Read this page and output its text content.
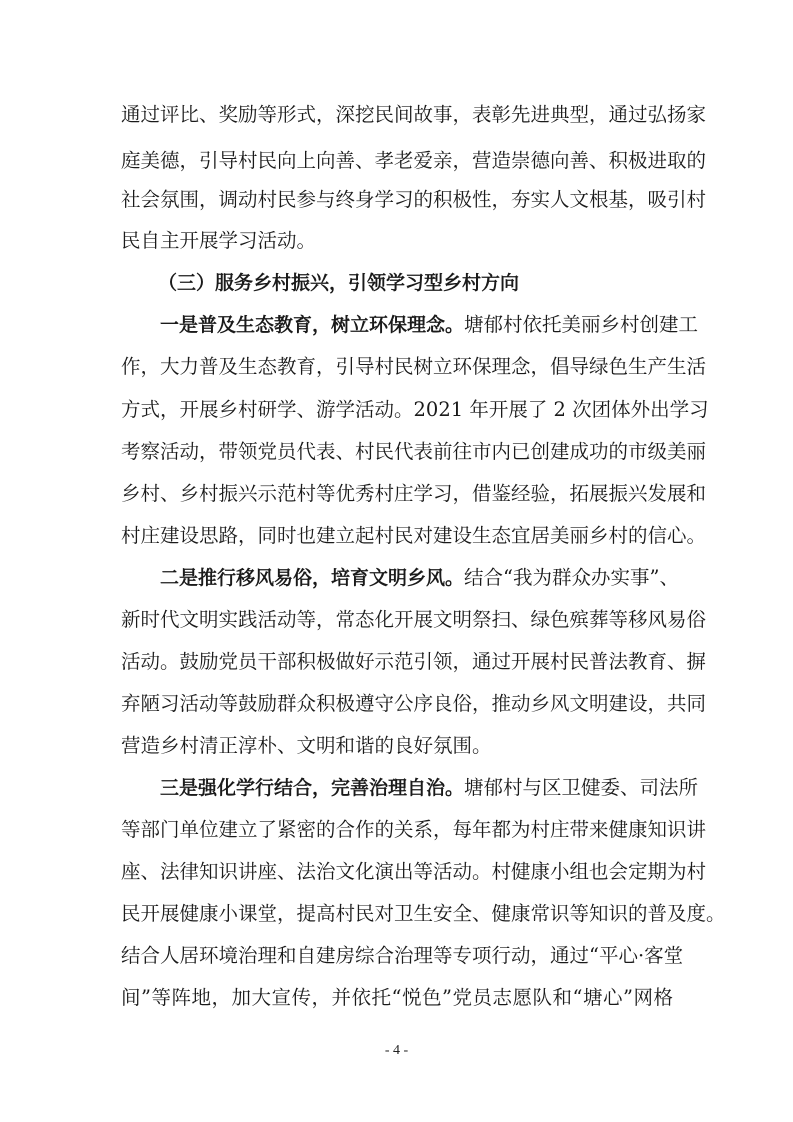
通过评比、奖励等形式，深挖民间故事，表彰先进典型，通过弘扬家
庭美德，引导村民向上向善、孝老爱亲，营造崇德向善、积极进取的
社会氛围，调动村民参与终身学习的积极性，夯实人文根基，吸引村
民自主开展学习活动。
（三）服务乡村振兴，引领学习型乡村方向
一是普及生态教育，树立环保理念。塘郁村依托美丽乡村创建工
作，大力普及生态教育，引导村民树立环保理念，倡导绿色生产生活
方式，开展乡村研学、游学活动。2021 年开展了 2 次团体外出学习
考察活动，带领党员代表、村民代表前往市内已创建成功的市级美丽
乡村、乡村振兴示范村等优秀村庄学习，借鉴经验，拓展振兴发展和
村庄建设思路，同时也建立起村民对建设生态宜居美丽乡村的信心。
二是推行移风易俗，培育文明乡风。结合“我为群众办实事”、
新时代文明实践活动等，常态化开展文明祭扫、绿色殡葬等移风易俗
活动。鼓励党员干部积极做好示范引领，通过开展村民普法教育、摒
弃陋习活动等鼓励群众积极遵守公序良俗，推动乡风文明建设，共同
营造乡村清正淳朴、文明和谐的良好氛围。
三是强化学行结合，完善治理自治。塘郁村与区卫健委、司法所
等部门单位建立了紧密的合作的关系，每年都为村庄带来健康知识讲
座、法律知识讲座、法治文化演出等活动。村健康小组也会定期为村
民开展健康小课堂，提高村民对卫生安全、健康常识等知识的普及度。
结合人居环境治理和自建房综合治理等专项行动，通过“平心·客堂
间”等阵地，加大宣传，并依托“悦色”党员志愿队和“塘心”网格
- 4 -
